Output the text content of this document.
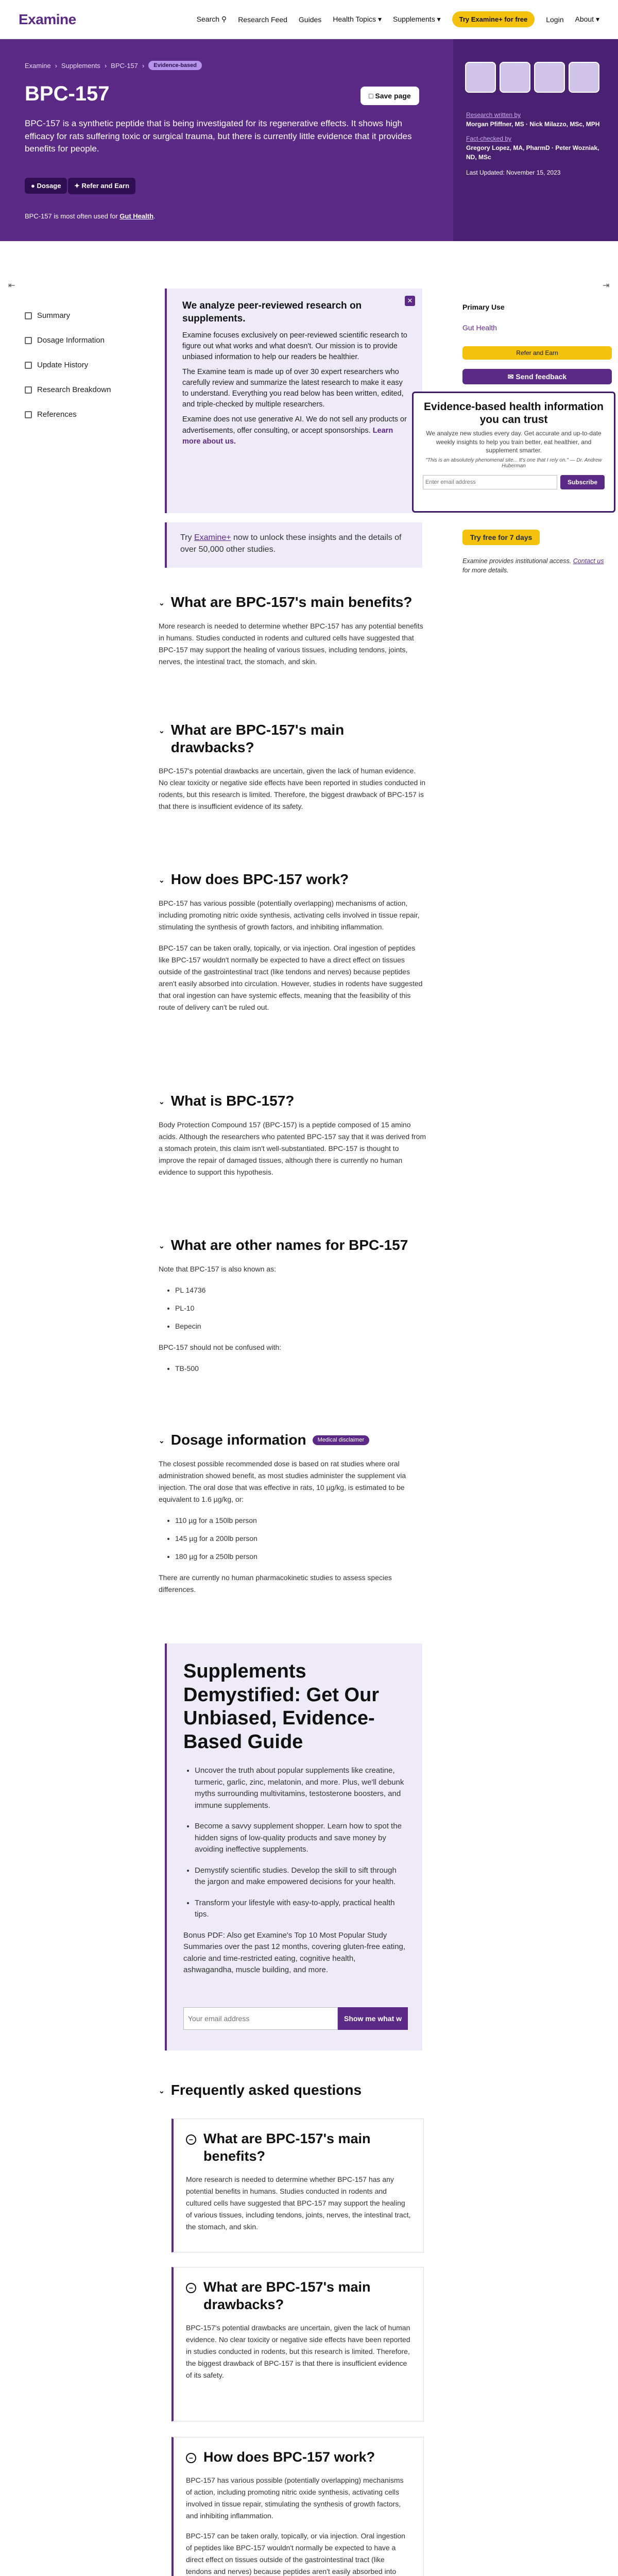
Examine	Search ⚲ Research Feed Guides Health Topics ▾ Supplements ▾	Try Examine+ for free	Login About ▾
Examine › Supplements › BPC-157 ›	Evidence-based
BPC-157	□ Save page
BPC-157 is a synthetic peptide that is being investigated for its regenerative effects. It shows high efficacy for rats suffering toxic or surgical trauma, but there is currently little evidence that it provides benefits for people.
● Dosage	✦ Refer and Earn
BPC-157 is most often used for Gut Health.
Research written by
Morgan Pfiffner, MS · Nick Milazzo, MSc, MPH
Fact-checked by
Gregory Lopez, MA, PharmD · Peter Wozniak, ND, MSc
Last Updated: November 15, 2023
⇤	⇥
Summary
Dosage Information
Update History
Research Breakdown
References
✕
We analyze peer-reviewed research on supplements.

Examine focuses exclusively on peer-reviewed scientific research to figure out what works and what doesn't. Our mission is to provide unbiased information to help our readers be healthier.

The Examine team is made up of over 30 expert researchers who carefully review and summarize the latest research to make it easy to understand. Everything you read below has been written, edited, and triple-checked by multiple researchers.

Examine does not use generative AI. We do not sell any products or advertisements, offer consulting, or accept sponsorships. Learn more about us.

Try Examine+ now to unlock these insights and the details of over 50,000 other studies.
Primary Use
Gut Health
Refer and Earn
✉ Send feedback
Evidence-based health information you can trust

We analyze new studies every day. Get accurate and up-to-date weekly insights to help you train better, eat healthier, and supplement smarter.

"This is an absolutely phenomenal site... It's one that I rely on." — Dr. Andrew Huberman
Enter email address
Subscribe
Try free for 7 days
Examine provides institutional access. Contact us for more details.
⌄ What are BPC-157's main benefits?

More research is needed to determine whether BPC-157 has any potential benefits in humans. Studies conducted in rodents and cultured cells have suggested that BPC-157 may support the healing of various tissues, including tendons, joints, nerves, the intestinal tract, the stomach, and skin.

⌄ What are BPC-157's main drawbacks?

BPC-157's potential drawbacks are uncertain, given the lack of human evidence. No clear toxicity or negative side effects have been reported in studies conducted in rodents, but this research is limited. Therefore, the biggest drawback of BPC-157 is that there is insufficient evidence of its safety.

⌄ How does BPC-157 work?

BPC-157 has various possible (potentially overlapping) mechanisms of action, including promoting nitric oxide synthesis, activating cells involved in tissue repair, stimulating the synthesis of growth factors, and inhibiting inflammation.

BPC-157 can be taken orally, topically, or via injection. Oral ingestion of peptides like BPC-157 wouldn't normally be expected to have a direct effect on tissues outside of the gastrointestinal tract (like tendons and nerves) because peptides aren't easily absorbed into circulation. However, studies in rodents have suggested that oral ingestion can have systemic effects, meaning that the feasibility of this route of delivery can't be ruled out.

⌄ What is BPC-157?

Body Protection Compound 157 (BPC-157) is a peptide composed of 15 amino acids. Although the researchers who patented BPC-157 say that it was derived from a stomach protein, this claim isn't well-substantiated. BPC-157 is thought to improve the repair of damaged tissues, although there is currently no human evidence to support this hypothesis.

⌄ What are other names for BPC-157

Note that BPC-157 is also known as:

• PL 14736
• PL-10
• Bepecin

BPC-157 should not be confused with:

• TB-500
⌄ Dosage information	Medical disclaimer

The closest possible recommended dose is based on rat studies where oral administration showed benefit, as most studies administer the supplement via injection. The oral dose that was effective in rats, 10 µg/kg, is estimated to be equivalent to 1.6 µg/kg, or:

• 110 µg for a 150lb person
• 145 µg for a 200lb person
• 180 µg for a 250lb person

There are currently no human pharmacokinetic studies to assess species differences.

Supplements Demystified: Get Our Unbiased, Evidence-Based Guide
• Uncover the truth about popular supplements like creatine, turmeric, garlic, zinc, melatonin, and more. Plus, we'll debunk myths surrounding multivitamins, testosterone boosters, and immune supplements.
• Become a savvy supplement shopper. Learn how to spot the hidden signs of low-quality products and save money by avoiding ineffective supplements.
• Demystify scientific studies. Develop the skill to sift through the jargon and make empowered decisions for your health.
• Transform your lifestyle with easy-to-apply, practical health tips.
Bonus PDF: Also get Examine's Top 10 Most Popular Study Summaries over the past 12 months, covering gluten-free eating, calorie and time-restricted eating, cognitive health, ashwagandha, muscle building, and more.
Your email address
Show me what w
⌄ Frequently asked questions
− What are BPC-157's main benefits?

More research is needed to determine whether BPC-157 has any potential benefits in humans. Studies conducted in rodents and cultured cells have suggested that BPC-157 may support the healing of various tissues, including tendons, joints, nerves, the intestinal tract, the stomach, and skin.

− What are BPC-157's main drawbacks?

BPC-157's potential drawbacks are uncertain, given the lack of human evidence. No clear toxicity or negative side effects have been reported in studies conducted in rodents, but this research is limited. Therefore, the biggest drawback of BPC-157 is that there is insufficient evidence of its safety.

− How does BPC-157 work?

BPC-157 has various possible (potentially overlapping) mechanisms of action, including promoting nitric oxide synthesis, activating cells involved in tissue repair, stimulating the synthesis of growth factors, and inhibiting inflammation.

BPC-157 can be taken orally, topically, or via injection. Oral ingestion of peptides like BPC-157 wouldn't normally be expected to have a direct effect on tissues outside of the gastrointestinal tract (like tendons and nerves) because peptides aren't easily absorbed into
